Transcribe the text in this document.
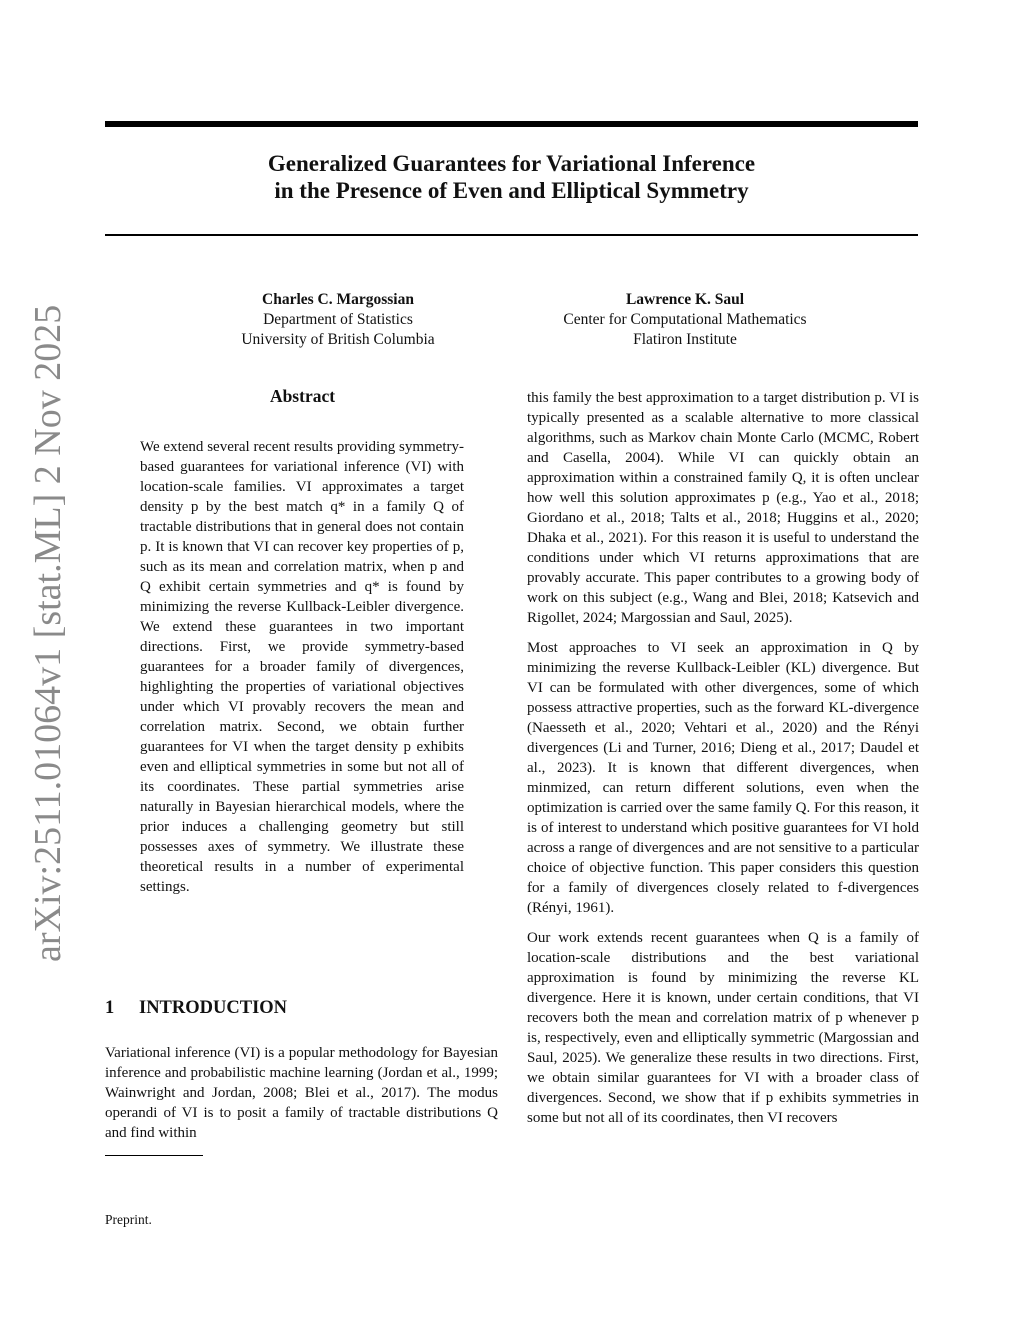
arXiv:2511.01064v1 [stat.ML] 2 Nov 2025
Generalized Guarantees for Variational Inference
in the Presence of Even and Elliptical Symmetry
Charles C. Margossian
Department of Statistics
University of British Columbia
Lawrence K. Saul
Center for Computational Mathematics
Flatiron Institute
Abstract
We extend several recent results providing symmetry-based guarantees for variational inference (VI) with location-scale families. VI approximates a target density p by the best match q* in a family Q of tractable distributions that in general does not contain p. It is known that VI can recover key properties of p, such as its mean and correlation matrix, when p and Q exhibit certain symmetries and q* is found by minimizing the reverse Kullback-Leibler divergence. We extend these guarantees in two important directions. First, we provide symmetry-based guarantees for a broader family of divergences, highlighting the properties of variational objectives under which VI provably recovers the mean and correlation matrix. Second, we obtain further guarantees for VI when the target density p exhibits even and elliptical symmetries in some but not all of its coordinates. These partial symmetries arise naturally in Bayesian hierarchical models, where the prior induces a challenging geometry but still possesses axes of symmetry. We illustrate these theoretical results in a number of experimental settings.
1 INTRODUCTION
Variational inference (VI) is a popular methodology for Bayesian inference and probabilistic machine learning (Jordan et al., 1999; Wainwright and Jordan, 2008; Blei et al., 2017). The modus operandi of VI is to posit a family of tractable distributions Q and find within
Preprint.

this family the best approximation to a target distribution p. VI is typically presented as a scalable alternative to more classical algorithms, such as Markov chain Monte Carlo (MCMC, Robert and Casella, 2004). While VI can quickly obtain an approximation within a constrained family Q, it is often unclear how well this solution approximates p (e.g., Yao et al., 2018; Giordano et al., 2018; Talts et al., 2018; Huggins et al., 2020; Dhaka et al., 2021). For this reason it is useful to understand the conditions under which VI returns approximations that are provably accurate. This paper contributes to a growing body of work on this subject (e.g., Wang and Blei, 2018; Katsevich and Rigollet, 2024; Margossian and Saul, 2025).

Most approaches to VI seek an approximation in Q by minimizing the reverse Kullback-Leibler (KL) divergence. But VI can be formulated with other divergences, some of which possess attractive properties, such as the forward KL-divergence (Naesseth et al., 2020; Vehtari et al., 2020) and the Rényi divergences (Li and Turner, 2016; Dieng et al., 2017; Daudel et al., 2023). It is known that different divergences, when minmized, can return different solutions, even when the optimization is carried over the same family Q. For this reason, it is of interest to understand which positive guarantees for VI hold across a range of divergences and are not sensitive to a particular choice of objective function. This paper considers this question for a family of divergences closely related to f-divergences (Rényi, 1961).

Our work extends recent guarantees when Q is a family of location-scale distributions and the best variational approximation is found by minimizing the reverse KL divergence. Here it is known, under certain conditions, that VI recovers both the mean and correlation matrix of p whenever p is, respectively, even and elliptically symmetric (Margossian and Saul, 2025). We generalize these results in two directions. First, we obtain similar guarantees for VI with a broader class of divergences. Second, we show that if p exhibits symmetries in some but not all of its coordinates, then VI recovers
